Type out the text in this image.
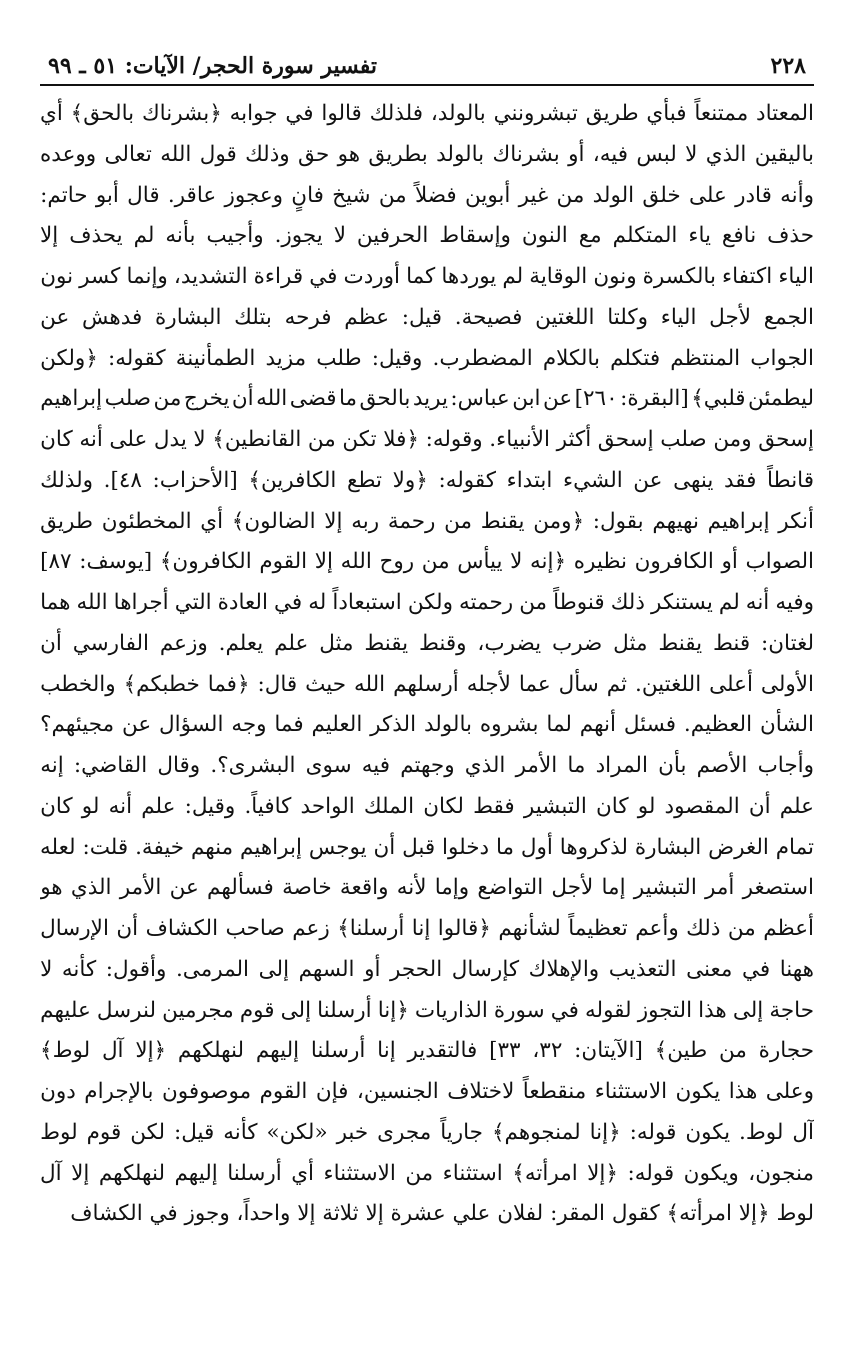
٢٢٨
تفسير سورة الحجر/ الآيات: ٥١ ـ ٩٩
المعتاد
ممتنعاً
فبأي
طريق
تبشرونني
بالولد،
فلذلك
قالوا
في
جوابه
﴿بشرناك
بالحق﴾
أي
باليقين
الذي
لا
لبس
فيه،
أو
بشرناك
بالولد
بطريق
هو
حق
وذلك
قول
الله
تعالى
ووعده
وأنه
قادر
على
خلق
الولد
من
غير
أبوين
فضلاً
من
شيخ
فانٍ
وعجوز
عاقر.
قال
أبو
حاتم:
حذف
نافع
ياء
المتكلم
مع
النون
وإسقاط
الحرفين
لا
يجوز.
وأجيب
بأنه
لم
يحذف
إلا
الياء
اكتفاء
بالكسرة
ونون
الوقاية
لم
يوردها
كما
أوردت
في
قراءة
التشديد،
وإنما
كسر
نون
الجمع
لأجل
الياء
وكلتا
اللغتين
فصيحة.
قيل:
عظم
فرحه
بتلك
البشارة
فدهش
عن
الجواب
المنتظم
فتكلم
بالكلام
المضطرب.
وقيل:
طلب
مزيد
الطمأنينة
كقوله:
﴿ولكن
ليطمئن
قلبي﴾
[البقرة:
٢٦٠]
عن
ابن
عباس:
يريد
بالحق
ما
قضى
الله
أن
يخرج
من
صلب
إبراهيم
إسحق
ومن
صلب
إسحق
أكثر
الأنبياء.
وقوله:
﴿فلا
تكن
من
القانطين﴾
لا
يدل
على
أنه
كان
قانطاً
فقد
ينهى
عن
الشيء
ابتداء
كقوله:
﴿ولا
تطع
الكافرين﴾
[الأحزاب:
٤٨].
ولذلك
أنكر
إبراهيم
نهيهم
بقول:
﴿ومن
يقنط
من
رحمة
ربه
إلا
الضالون﴾
أي
المخطئون
طريق
الصواب
أو
الكافرون
نظيره
﴿إنه
لا
ييأس
من
روح
الله
إلا
القوم
الكافرون﴾
[يوسف:
٨٧]
وفيه
أنه
لم
يستنكر
ذلك
قنوطاً
من
رحمته
ولكن
استبعاداً
له
في
العادة
التي
أجراها
الله
هما
لغتان:
قنط
يقنط
مثل
ضرب
يضرب،
وقنط
يقنط
مثل
علم
يعلم.
وزعم
الفارسي
أن
الأولى
أعلى
اللغتين.
ثم
سأل
عما
لأجله
أرسلهم
الله
حيث
قال:
﴿فما
خطبكم﴾
والخطب
الشأن
العظيم.
فسئل
أنهم
لما
بشروه
بالولد
الذكر
العليم
فما
وجه
السؤال
عن
مجيئهم؟
وأجاب
الأصم
بأن
المراد
ما
الأمر
الذي
وجهتم
فيه
سوى
البشرى؟.
وقال
القاضي:
إنه
علم
أن
المقصود
لو
كان
التبشير
فقط
لكان
الملك
الواحد
كافياً.
وقيل:
علم
أنه
لو
كان
تمام
الغرض
البشارة
لذكروها
أول
ما
دخلوا
قبل
أن
يوجس
إبراهيم
منهم
خيفة.
قلت:
لعله
استصغر
أمر
التبشير
إما
لأجل
التواضع
وإما
لأنه
واقعة
خاصة
فسألهم
عن
الأمر
الذي
هو
أعظم
من
ذلك
وأعم
تعظيماً
لشأنهم
﴿قالوا
إنا
أرسلنا﴾
زعم
صاحب
الكشاف
أن
الإرسال
ههنا
في
معنى
التعذيب
والإهلاك
كإرسال
الحجر
أو
السهم
إلى
المرمى.
وأقول:
كأنه
لا
حاجة
إلى
هذا
التجوز
لقوله
في
سورة
الذاريات
﴿إنا
أرسلنا
إلى
قوم
مجرمين
لنرسل
عليهم
حجارة
من
طين﴾
[الآيتان:
٣٢،
٣٣]
فالتقدير
إنا
أرسلنا
إليهم
لنهلكهم
﴿إلا
آل
لوط﴾
وعلى
هذا
يكون
الاستثناء
منقطعاً
لاختلاف
الجنسين،
فإن
القوم
موصوفون
بالإجرام
دون
آل
لوط.
يكون
قوله:
﴿إنا
لمنجوهم﴾
جارياً
مجرى
خبر
«لكن»
كأنه
قيل:
لكن
قوم
لوط
منجون،
ويكون
قوله:
﴿إلا
امرأته﴾
استثناء
من
الاستثناء
أي
أرسلنا
إليهم
لنهلكهم
إلا
آل
لوط ﴿إلا امرأته﴾ كقول المقر: لفلان علي عشرة إلا ثلاثة إلا واحداً، وجوز في الكشاف
